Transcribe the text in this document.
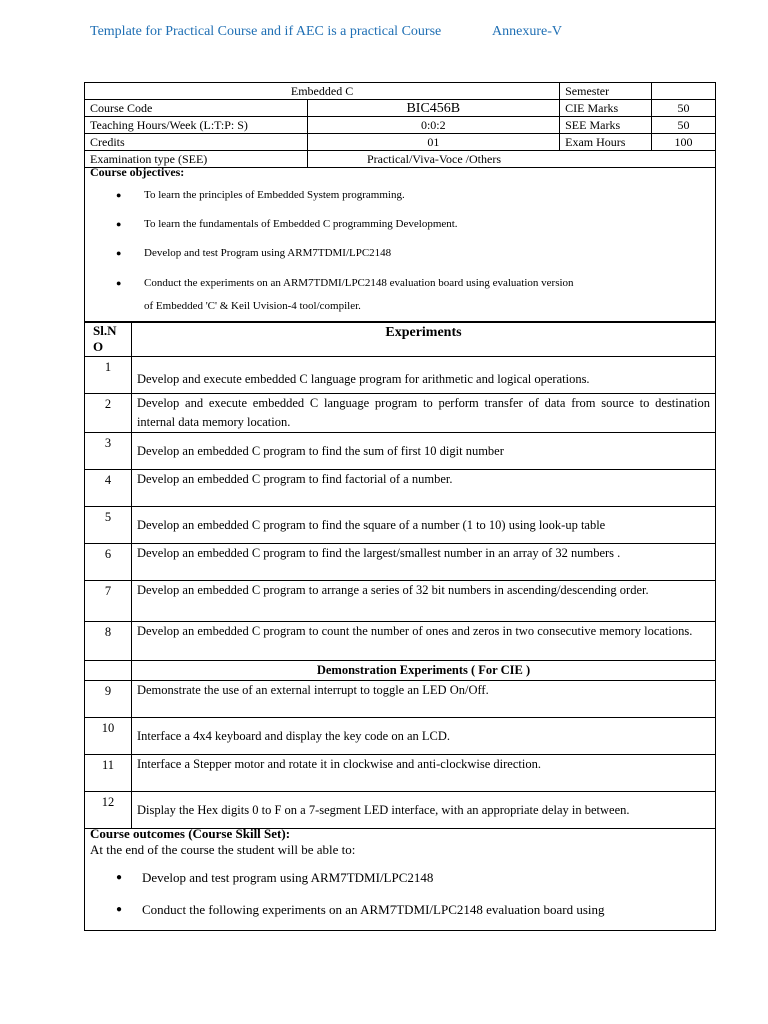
Template for Practical Course and if AEC is a practical Course	Annexure-V
Embedded C		Semester	
Course Code	BIC456B	CIE Marks	50
Teaching Hours/Week (L:T:P: S)	0:0:2	SEE Marks	50
Credits	01	Exam Hours	100
Examination type (SEE)	Practical/Viva-Voce /Others		
Course objectives:
● To learn the principles of Embedded System programming.
● To learn the fundamentals of Embedded C programming Development.
● Develop and test Program using ARM7TDMI/LPC2148
● Conduct the experiments on an ARM7TDMI/LPC2148 evaluation board using evaluation version
of Embedded 'C' & Keil Uvision-4 tool/compiler.
Sl.N
O	Experiments
1	Develop and execute embedded C language program for arithmetic and logical operations.
2	Develop and execute embedded C language program to perform transfer of data from source to destination internal data memory location.
3	Develop an embedded C program to find the sum of first 10 digit number
4	Develop an embedded C program to find factorial of a number.
5	Develop an embedded C program to find the square of a number (1 to 10) using look-up table
6	Develop an embedded C program to find the largest/smallest number in an array of 32 numbers .
7	Develop an embedded C program to arrange a series of 32 bit numbers in ascending/descending order.
8	Develop an embedded C program to count the number of ones and zeros in two consecutive memory locations.
	Demonstration Experiments ( For CIE )
9	Demonstrate the use of an external interrupt to toggle an LED On/Off.
10	Interface a 4x4 keyboard and display the key code on an LCD.
11	Interface a Stepper motor and rotate it in clockwise and anti-clockwise direction.
12	Display the Hex digits 0 to F on a 7-segment LED interface, with an appropriate delay in between.
Course outcomes (Course Skill Set):
At the end of the course the student will be able to:
● Develop and test program using ARM7TDMI/LPC2148
● Conduct the following experiments on an ARM7TDMI/LPC2148 evaluation board using
